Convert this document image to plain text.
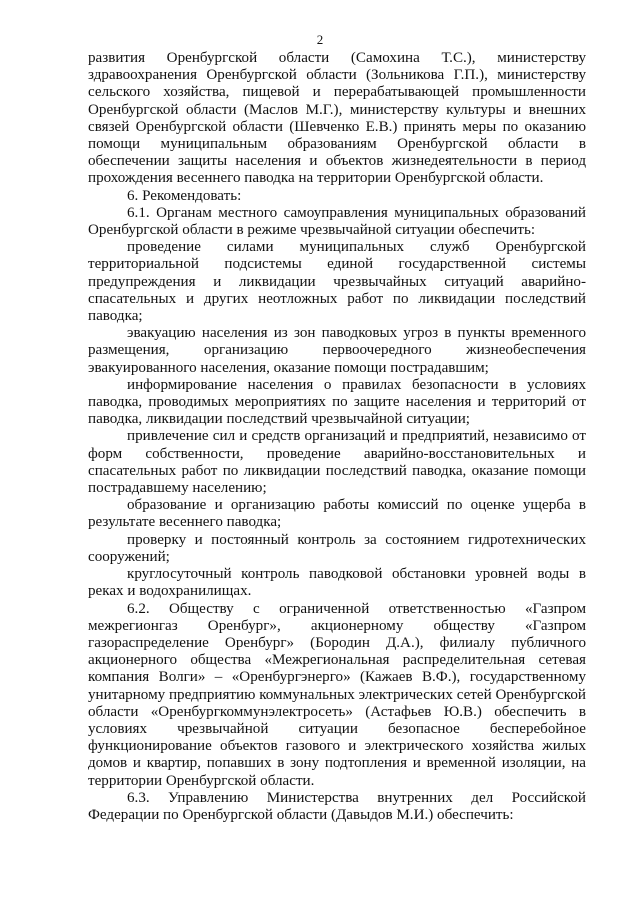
2

развития Оренбургской области (Самохина Т.С.), министерству здравоохранения Оренбургской области (Зольникова Г.П.), министерству сельского хозяйства, пищевой и перерабатывающей промышленности Оренбургской области (Маслов М.Г.), министерству культуры и внешних связей Оренбургской области (Шевченко Е.В.) принять меры по оказанию помощи муниципальным образованиям Оренбургской области в обеспечении защиты населения и объектов жизнедеятельности в период прохождения весеннего паводка на территории Оренбургской области.

6. Рекомендовать:

6.1. Органам местного самоуправления муниципальных образований Оренбургской области в режиме чрезвычайной ситуации обеспечить:

проведение силами муниципальных служб Оренбургской территориальной подсистемы единой государственной системы предупреждения и ликвидации чрезвычайных ситуаций аварийно-спасательных и других неотложных работ по ликвидации последствий паводка;

эвакуацию населения из зон паводковых угроз в пункты временного размещения, организацию первоочередного жизнеобеспечения эвакуированного населения, оказание помощи пострадавшим;

информирование населения о правилах безопасности в условиях паводка, проводимых мероприятиях по защите населения и территорий от паводка, ликвидации последствий чрезвычайной ситуации;

привлечение сил и средств организаций и предприятий, независимо от форм собственности, проведение аварийно-восстановительных и спасательных работ по ликвидации последствий паводка, оказание помощи пострадавшему населению;

образование и организацию работы комиссий по оценке ущерба в результате весеннего паводка;

проверку и постоянный контроль за состоянием гидротехнических сооружений;

круглосуточный контроль паводковой обстановки уровней воды в реках и водохранилищах.

6.2. Обществу с ограниченной ответственностью «Газпром межрегионгаз Оренбург», акционерному обществу «Газпром газораспределение Оренбург» (Бородин Д.А.), филиалу публичного акционерного общества «Межрегиональная распределительная сетевая компания Волги» – «Оренбургэнерго» (Кажаев В.Ф.), государственному унитарному предприятию коммунальных электрических сетей Оренбургской области «Оренбургкоммунэлектросеть» (Астафьев Ю.В.) обеспечить в условиях чрезвычайной ситуации безопасное бесперебойное функционирование объектов газового и электрического хозяйства жилых домов и квартир, попавших в зону подтопления и временной изоляции, на территории Оренбургской области.

6.3. Управлению Министерства внутренних дел Российской Федерации по Оренбургской области (Давыдов М.И.) обеспечить:
